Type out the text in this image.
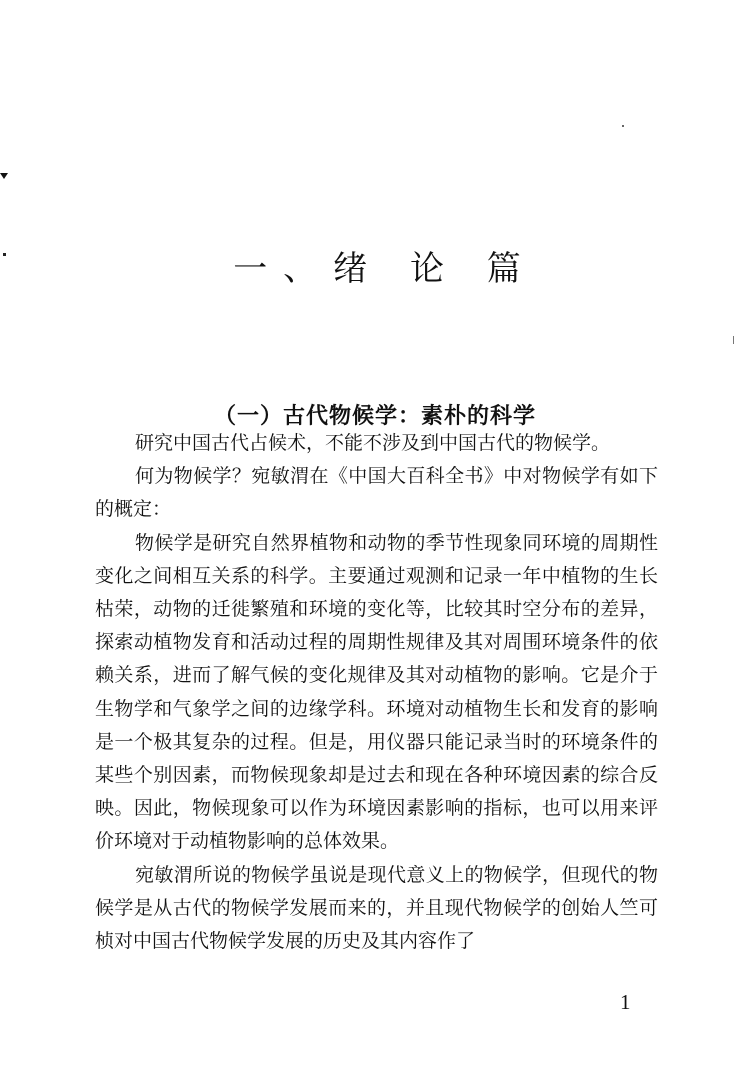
一、绪 论 篇
（一）古代物候学：素朴的科学

研究中国古代占候术，不能不涉及到中国古代的物候学。

何为物候学？宛敏渭在《中国大百科全书》中对物候学有如下的概定：

物候学是研究自然界植物和动物的季节性现象同环境的周期性变化之间相互关系的科学。主要通过观测和记录一年中植物的生长枯荣，动物的迁徙繁殖和环境的变化等，比较其时空分布的差异，探索动植物发育和活动过程的周期性规律及其对周围环境条件的依赖关系，进而了解气候的变化规律及其对动植物的影响。它是介于生物学和气象学之间的边缘学科。环境对动植物生长和发育的影响是一个极其复杂的过程。但是，用仪器只能记录当时的环境条件的某些个别因素，而物候现象却是过去和现在各种环境因素的综合反映。因此，物候现象可以作为环境因素影响的指标，也可以用来评价环境对于动植物影响的总体效果。

宛敏渭所说的物候学虽说是现代意义上的物候学，但现代的物候学是从古代的物候学发展而来的，并且现代物候学的创始人竺可桢对中国古代物候学发展的历史及其内容作了

1
